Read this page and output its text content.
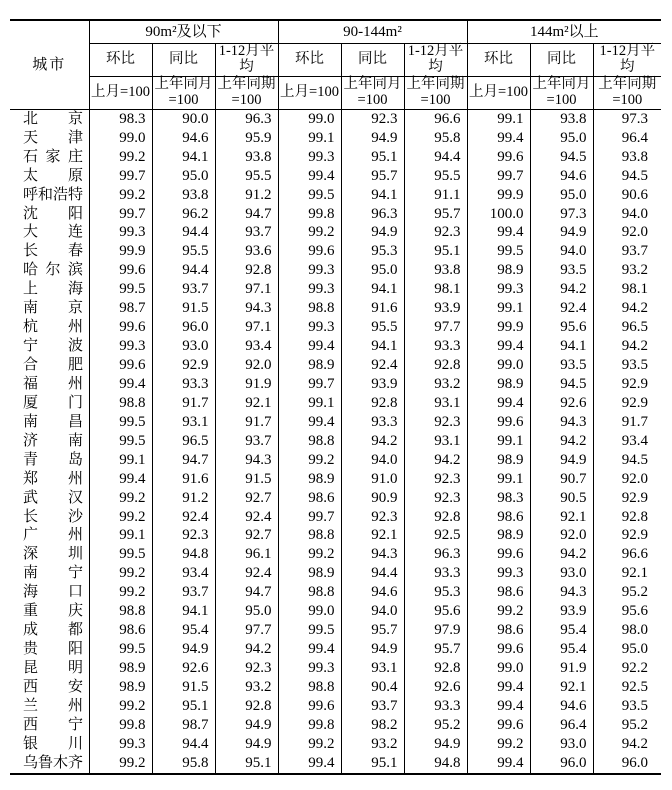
城市	90m²及以下			90-144m²			144m²以上		
	环比	同比	1-12月平均	环比	同比	1-12月平均	环比	同比	1-12月平均
	上月=100	上年同月=100	上年同期=100	上月=100	上年同月=100	上年同期=100	上月=100	上年同月=100	上年同期=100

北 京	98.3	90.0	96.3	99.0	92.3	96.6	99.1	93.8	97.3

天 津	99.0	94.6	95.9	99.1	94.9	95.8	99.4	95.0	96.4

石 家 庄	99.2	94.1	93.8	99.3	95.1	94.4	99.6	94.5	93.8

太 原	99.7	95.0	95.5	99.4	95.7	95.5	99.7	94.6	94.5

呼 和 浩 特	99.2	93.8	91.2	99.5	94.1	91.1	99.9	95.0	90.6

沈 阳	99.7	96.2	94.7	99.8	96.3	95.7	100.0	97.3	94.0

大 连	99.3	94.4	93.7	99.2	94.9	92.3	99.4	94.9	92.0

长 春	99.9	95.5	93.6	99.6	95.3	95.1	99.5	94.0	93.7

哈 尔 滨	99.6	94.4	92.8	99.3	95.0	93.8	98.9	93.5	93.2

上 海	99.5	93.7	97.1	99.3	94.1	98.1	99.3	94.2	98.1

南 京	98.7	91.5	94.3	98.8	91.6	93.9	99.1	92.4	94.2

杭 州	99.6	96.0	97.1	99.3	95.5	97.7	99.9	95.6	96.5

宁 波	99.3	93.0	93.4	99.4	94.1	93.3	99.4	94.1	94.2

合 肥	99.6	92.9	92.0	98.9	92.4	92.8	99.0	93.5	93.5

福 州	99.4	93.3	91.9	99.7	93.9	93.2	98.9	94.5	92.9

厦 门	98.8	91.7	92.1	99.1	92.8	93.1	99.4	92.6	92.9

南 昌	99.5	93.1	91.7	99.4	93.3	92.3	99.6	94.3	91.7

济 南	99.5	96.5	93.7	98.8	94.2	93.1	99.1	94.2	93.4

青 岛	99.1	94.7	94.3	99.2	94.0	94.2	98.9	94.9	94.5

郑 州	99.4	91.6	91.5	98.9	91.0	92.3	99.1	90.7	92.0

武 汉	99.2	91.2	92.7	98.6	90.9	92.3	98.3	90.5	92.9

长 沙	99.2	92.4	92.4	99.7	92.3	92.8	98.6	92.1	92.8

广 州	99.1	92.3	92.7	98.8	92.1	92.5	98.9	92.0	92.9

深 圳	99.5	94.8	96.1	99.2	94.3	96.3	99.6	94.2	96.6

南 宁	99.2	93.4	92.4	98.9	94.4	93.3	99.3	93.0	92.1

海 口	99.2	93.7	94.7	98.8	94.6	95.3	98.6	94.3	95.2

重 庆	98.8	94.1	95.0	99.0	94.0	95.6	99.2	93.9	95.6

成 都	98.6	95.4	97.7	99.5	95.7	97.9	98.6	95.4	98.0

贵 阳	99.5	94.9	94.2	99.4	94.9	95.7	99.6	95.4	95.0

昆 明	98.9	92.6	92.3	99.3	93.1	92.8	99.0	91.9	92.2

西 安	98.9	91.5	93.2	98.8	90.4	92.6	99.4	92.1	92.5

兰 州	99.2	95.1	92.8	99.6	93.7	93.3	99.4	94.6	93.5

西 宁	99.8	98.7	94.9	99.8	98.2	95.2	99.6	96.4	95.2

银 川	99.3	94.4	94.9	99.2	93.2	94.9	99.2	93.0	94.2

乌 鲁 木 齐	99.2	95.8	95.1	99.4	95.1	94.8	99.4	96.0	96.0
